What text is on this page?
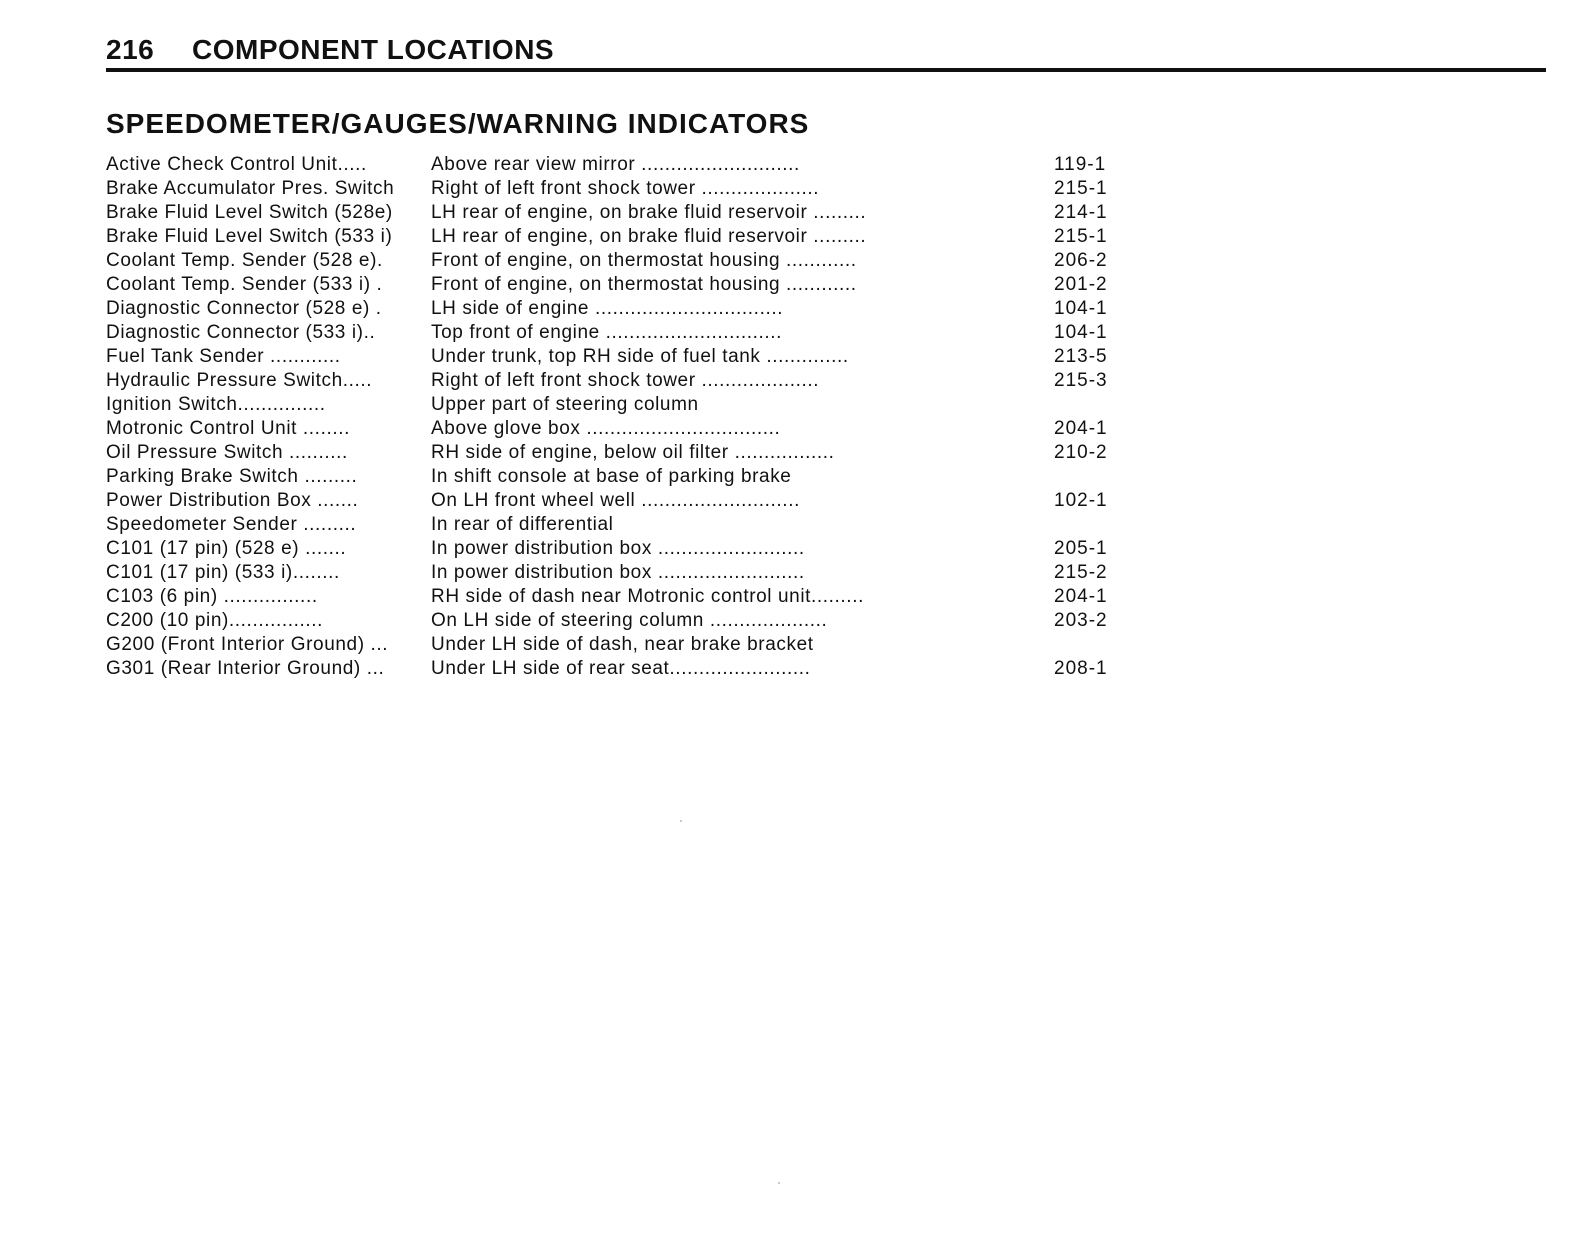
216 COMPONENT LOCATIONS
SPEEDOMETER/GAUGES/WARNING INDICATORS
Active Check Control Unit.....	Above rear view mirror ...........................	119-1
Brake Accumulator Pres. Switch	Right of left front shock tower ....................	215-1
Brake Fluid Level Switch (528e)	LH rear of engine, on brake fluid reservoir .........	214-1
Brake Fluid Level Switch (533 i)	LH rear of engine, on brake fluid reservoir .........	215-1
Coolant Temp. Sender (528 e).	Front of engine, on thermostat housing ............	206-2
Coolant Temp. Sender (533 i) .	Front of engine, on thermostat housing ............	201-2
Diagnostic Connector (528 e) .	LH side of engine ................................	104-1
Diagnostic Connector (533 i)..	Top front of engine ..............................	104-1
Fuel Tank Sender ............	Under trunk, top RH side of fuel tank ..............	213-5
Hydraulic Pressure Switch.....	Right of left front shock tower ....................	215-3
Ignition Switch...............	Upper part of steering column
Motronic Control Unit ........	Above glove box .................................	204-1
Oil Pressure Switch ..........	RH side of engine, below oil filter .................	210-2
Parking Brake Switch .........	In shift console at base of parking brake
Power Distribution Box .......	On LH front wheel well ...........................	102-1
Speedometer Sender .........	In rear of differential
C101 (17 pin) (528 e) .......	In power distribution box .........................	205-1
C101 (17 pin) (533 i)........	In power distribution box .........................	215-2
C103 (6 pin) ................	RH side of dash near Motronic control unit.........	204-1
C200 (10 pin)................	On LH side of steering column ....................	203-2
G200 (Front Interior Ground) ...	Under LH side of dash, near brake bracket
G301 (Rear Interior Ground) ...	Under LH side of rear seat........................	208-1
